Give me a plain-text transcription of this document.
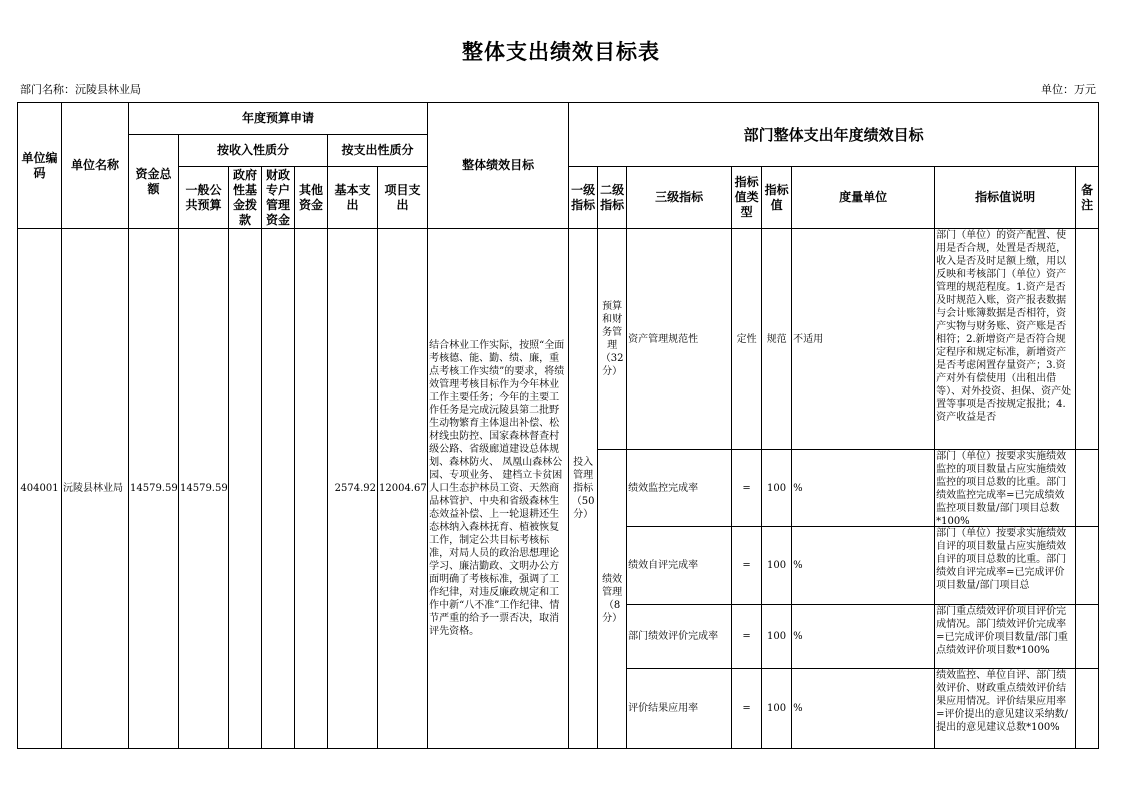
整体支出绩效目标表
部门名称：沅陵县林业局	单位：万元
单位编码	单位名称	年度预算申请							整体绩效目标	部门整体支出年度绩效目标							
		资金总额	按收入性质分				按支出性质分										
			一般公共预算	政府性基金拨款	财政专户管理资金	其他资金	基本支出	项目支出		一级指标	二级指标	三级指标	指标值类型	指标值	度量单位	指标值说明	备注
404001	沅陵县林业局	14579.59	14579.59				2574.92	12004.67	结合林业工作实际，按照“全面考核德、能、勤、绩、廉，重点考核工作实绩”的要求，将绩效管理考核目标作为今年林业工作主要任务；今年的主要工作任务是完成沅陵县第二批野生动物繁育主体退出补偿、松材线虫防控、国家森林督查村级公路、省级廊道建设总体规划、森林防火、 凤凰山森林公园、专项业务、 建档立卡贫困人口生态护林员工资、天然商品林管护、中央和省级森林生态效益补偿、上一轮退耕还生态林纳入森林抚育、植被恢复工作，制定公共目标考核标准，对局人员的政治思想理论学习、廉洁勤政、文明办公方面明确了考核标准，强调了工作纪律，对违反廉政规定和工作中新“八不准”工作纪律、情节严重的给予一票否决，取消评先资格。	投入管理指标（50分）	预算和财务管理（32分）	资产管理规范性	定性	规范	不适用	部门（单位）的资产配置、使用是否合规，处置是否规范，收入是否及时足额上缴，用以反映和考核部门（单位）资产管理的规范程度。1.资产是否及时规范入账，资产报表数据与会计账簿数据是否相符，资产实物与财务账、资产账是否相符；2.新增资产是否符合规定程序和规定标准，新增资产是否考虑闲置存量资产；3.资产对外有偿使用（出租出借等）、对外投资、担保、资产处置等事项是否按规定报批；4.资产收益是否	

											绩效管理（8分）	绩效监控完成率	=	100	%	部门（单位）按要求实施绩效监控的项目数量占应实施绩效监控的项目总数的比重。部门绩效监控完成率=已完成绩效监控项目数量/部门项目总数*100%	

												绩效自评完成率	=	100	%	部门（单位）按要求实施绩效自评的项目数量占应实施绩效自评的项目总数的比重。部门绩效自评完成率=已完成评价项目数量/部门项目总	

												部门绩效评价完成率	=	100	%	部门重点绩效评价项目评价完成情况。部门绩效评价完成率=已完成评价项目数量/部门重点绩效评价项目数*100%	

												评价结果应用率	=	100	%	绩效监控、单位自评、部门绩效评价、财政重点绩效评价结果应用情况。评价结果应用率=评价提出的意见建议采纳数/提出的意见建议总数*100%	
